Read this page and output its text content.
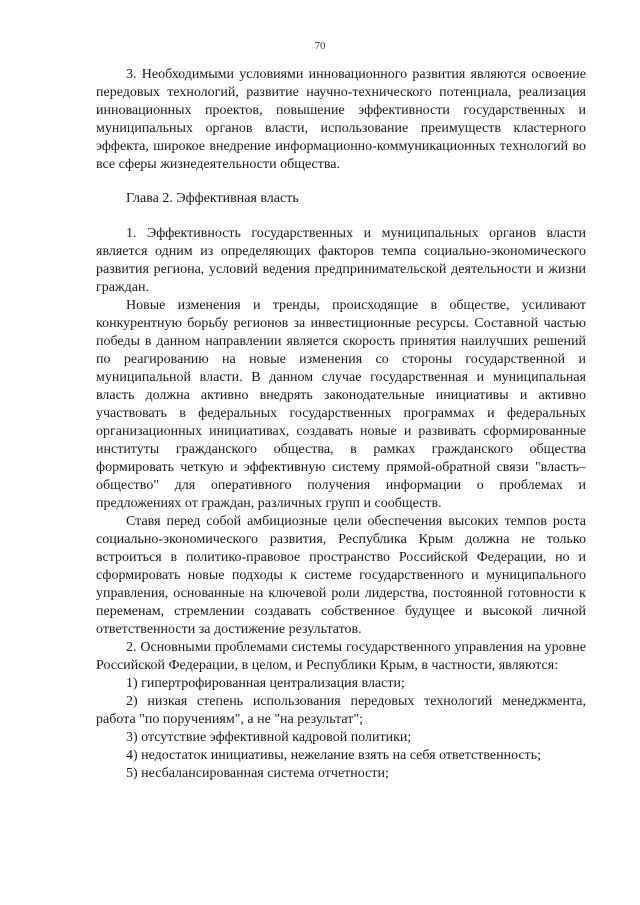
70

3. Необходимыми условиями инновационного развития являются освоение передовых технологий, развитие научно-технического потенциала, реализация инновационных проектов, повышение эффективности государственных и муниципальных органов власти, использование преимуществ кластерного эффекта, широкое внедрение информационно-коммуникационных технологий во все сферы жизнедеятельности общества.

Глава 2. Эффективная власть

1. Эффективность государственных и муниципальных органов власти является одним из определяющих факторов темпа социально-экономического развития региона, условий ведения предпринимательской деятельности и жизни граждан.

Новые изменения и тренды, происходящие в обществе, усиливают конкурентную борьбу регионов за инвестиционные ресурсы. Составной частью победы в данном направлении является скорость принятия наилучших решений по реагированию на новые изменения со стороны государственной и муниципальной власти. В данном случае государственная и муниципальная власть должна активно внедрять законодательные инициативы и активно участвовать в федеральных государственных программах и федеральных организационных инициативах, создавать новые и развивать сформированные институты гражданского общества, в рамках гражданского общества формировать четкую и эффективную систему прямой-обратной связи "власть–общество" для оперативного получения информации о проблемах и предложениях от граждан, различных групп и сообществ.

Ставя перед собой амбициозные цели обеспечения высоких темпов роста социально-экономического развития, Республика Крым должна не только встроиться в политико-правовое пространство Российской Федерации, но и сформировать новые подходы к системе государственного и муниципального управления, основанные на ключевой роли лидерства, постоянной готовности к переменам, стремлении создавать собственное будущее и высокой личной ответственности за достижение результатов.

2. Основными проблемами системы государственного управления на уровне Российской Федерации, в целом, и Республики Крым, в частности, являются:

1) гипертрофированная централизация власти;

2) низкая степень использования передовых технологий менеджмента, работа "по поручениям", а не "на результат";

3) отсутствие эффективной кадровой политики;

4) недостаток инициативы, нежелание взять на себя ответственность;

5) несбалансированная система отчетности;
